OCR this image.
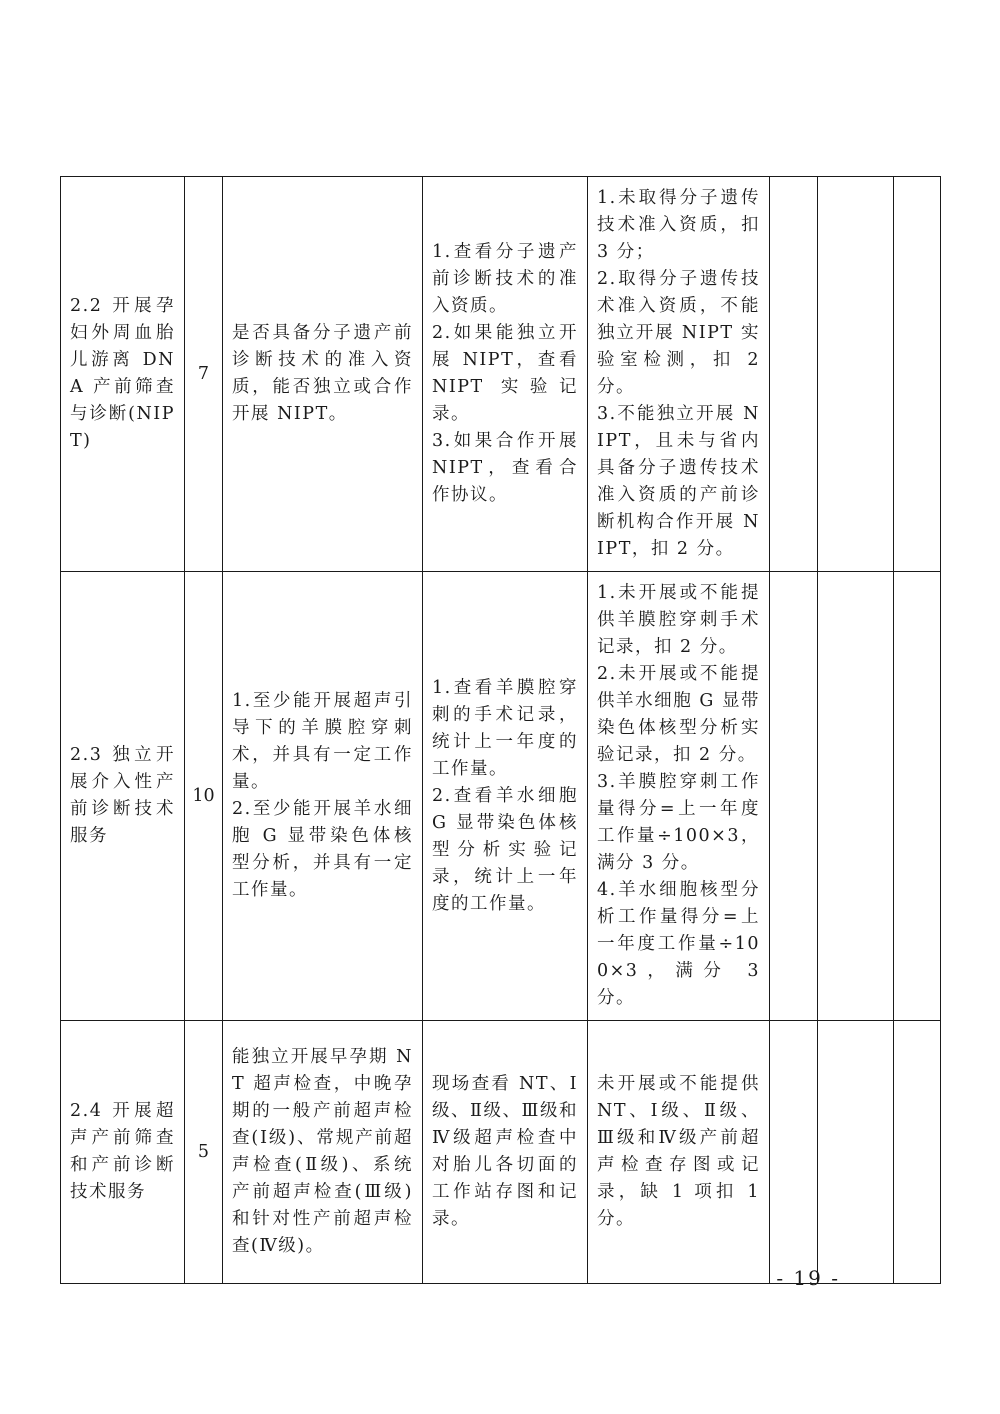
2.2 开展孕妇外周血胎儿游离 DNA 产前筛查与诊断(NIPT)	7	是否具备分子遗产前诊断技术的准入资质，能否独立或合作开展 NIPT。	1.查看分子遗产前诊断技术的准入资质。
2.如果能独立开展 NIPT，查看 NIPT 实验记录。
3.如果合作开展 NIPT，查看合作协议。	1.未取得分子遗传技术准入资质，扣 3 分；
2.取得分子遗传技术准入资质，不能独立开展 NIPT 实验室检测，扣 2 分。
3.不能独立开展 NIPT，且未与省内具备分子遗传技术准入资质的产前诊断机构合作开展 NIPT，扣 2 分。			

2.3 独立开展介入性产前诊断技术服务	10	1.至少能开展超声引导下的羊膜腔穿刺术，并具有一定工作量。
2.至少能开展羊水细胞 G 显带染色体核型分析，并具有一定工作量。	1.查看羊膜腔穿刺的手术记录，统计上一年度的工作量。
2.查看羊水细胞 G 显带染色体核型分析实验记录，统计上一年度的工作量。	1.未开展或不能提供羊膜腔穿刺手术记录，扣 2 分。
2.未开展或不能提供羊水细胞 G 显带染色体核型分析实验记录，扣 2 分。
3.羊膜腔穿刺工作量得分=上一年度工作量÷100×3，满分 3 分。
4.羊水细胞核型分析工作量得分=上一年度工作量÷100×3，满分 3 分。			

2.4 开展超声产前筛查和产前诊断技术服务	5	能独立开展早孕期 NT 超声检查，中晚孕期的一般产前超声检查(Ⅰ级)、常规产前超声检查(Ⅱ级)、系统产前超声检查(Ⅲ级)和针对性产前超声检查(Ⅳ级)。	现场查看 NT、Ⅰ级、Ⅱ级、Ⅲ级和Ⅳ级超声检查中对胎儿各切面的工作站存图和记录。	未开展或不能提供 NT、Ⅰ级、Ⅱ级、Ⅲ级和Ⅳ级产前超声检查存图或记录，缺 1 项扣 1 分。			

- 19 -
